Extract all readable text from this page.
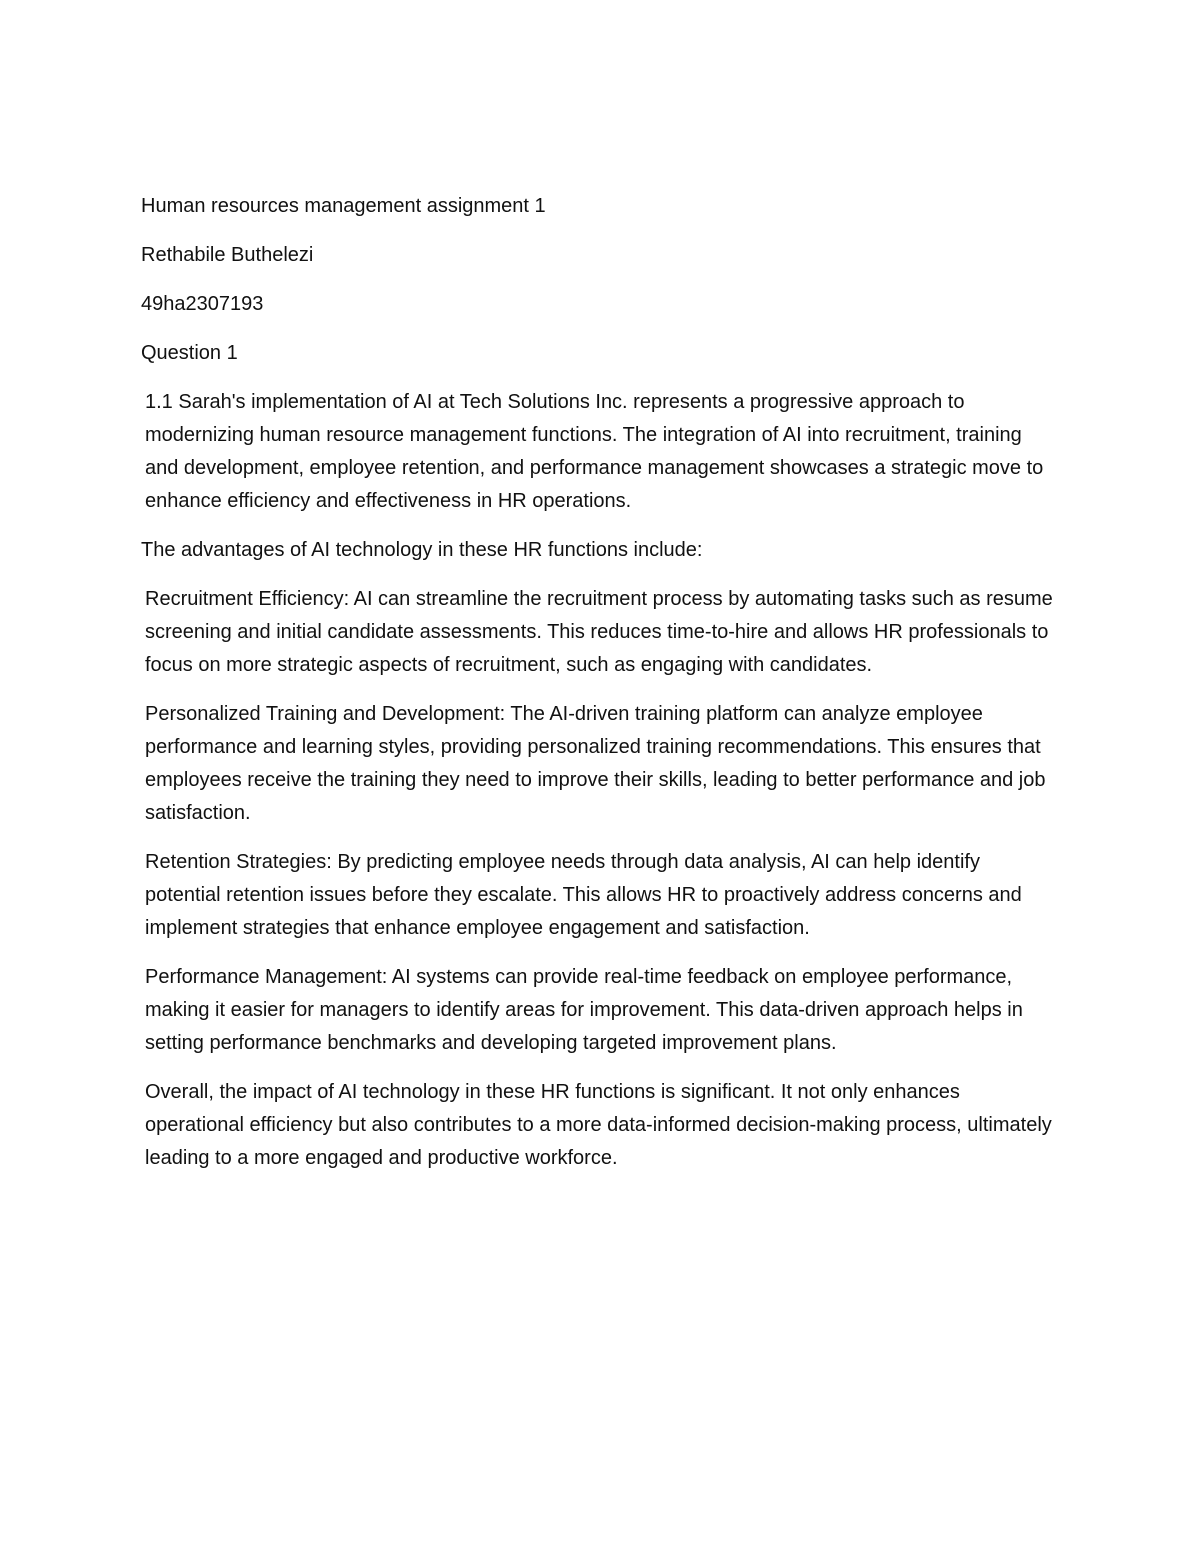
Human resources management assignment 1
Rethabile Buthelezi
49ha2307193
Question 1

1.1 Sarah's implementation of AI at Tech Solutions Inc. represents a progressive approach to modernizing human resource management functions. The integration of AI into recruitment, training and development, employee retention, and performance management showcases a strategic move to enhance efficiency and effectiveness in HR operations.

The advantages of AI technology in these HR functions include:

Recruitment Efficiency: AI can streamline the recruitment process by automating tasks such as resume screening and initial candidate assessments. This reduces time-to-hire and allows HR professionals to focus on more strategic aspects of recruitment, such as engaging with candidates.

Personalized Training and Development: The AI-driven training platform can analyze employee performance and learning styles, providing personalized training recommendations. This ensures that employees receive the training they need to improve their skills, leading to better performance and job satisfaction.

Retention Strategies: By predicting employee needs through data analysis, AI can help identify potential retention issues before they escalate. This allows HR to proactively address concerns and implement strategies that enhance employee engagement and satisfaction.

Performance Management: AI systems can provide real-time feedback on employee performance, making it easier for managers to identify areas for improvement. This data-driven approach helps in setting performance benchmarks and developing targeted improvement plans.

Overall, the impact of AI technology in these HR functions is significant. It not only enhances operational efficiency but also contributes to a more data-informed decision-making process, ultimately leading to a more engaged and productive workforce.
